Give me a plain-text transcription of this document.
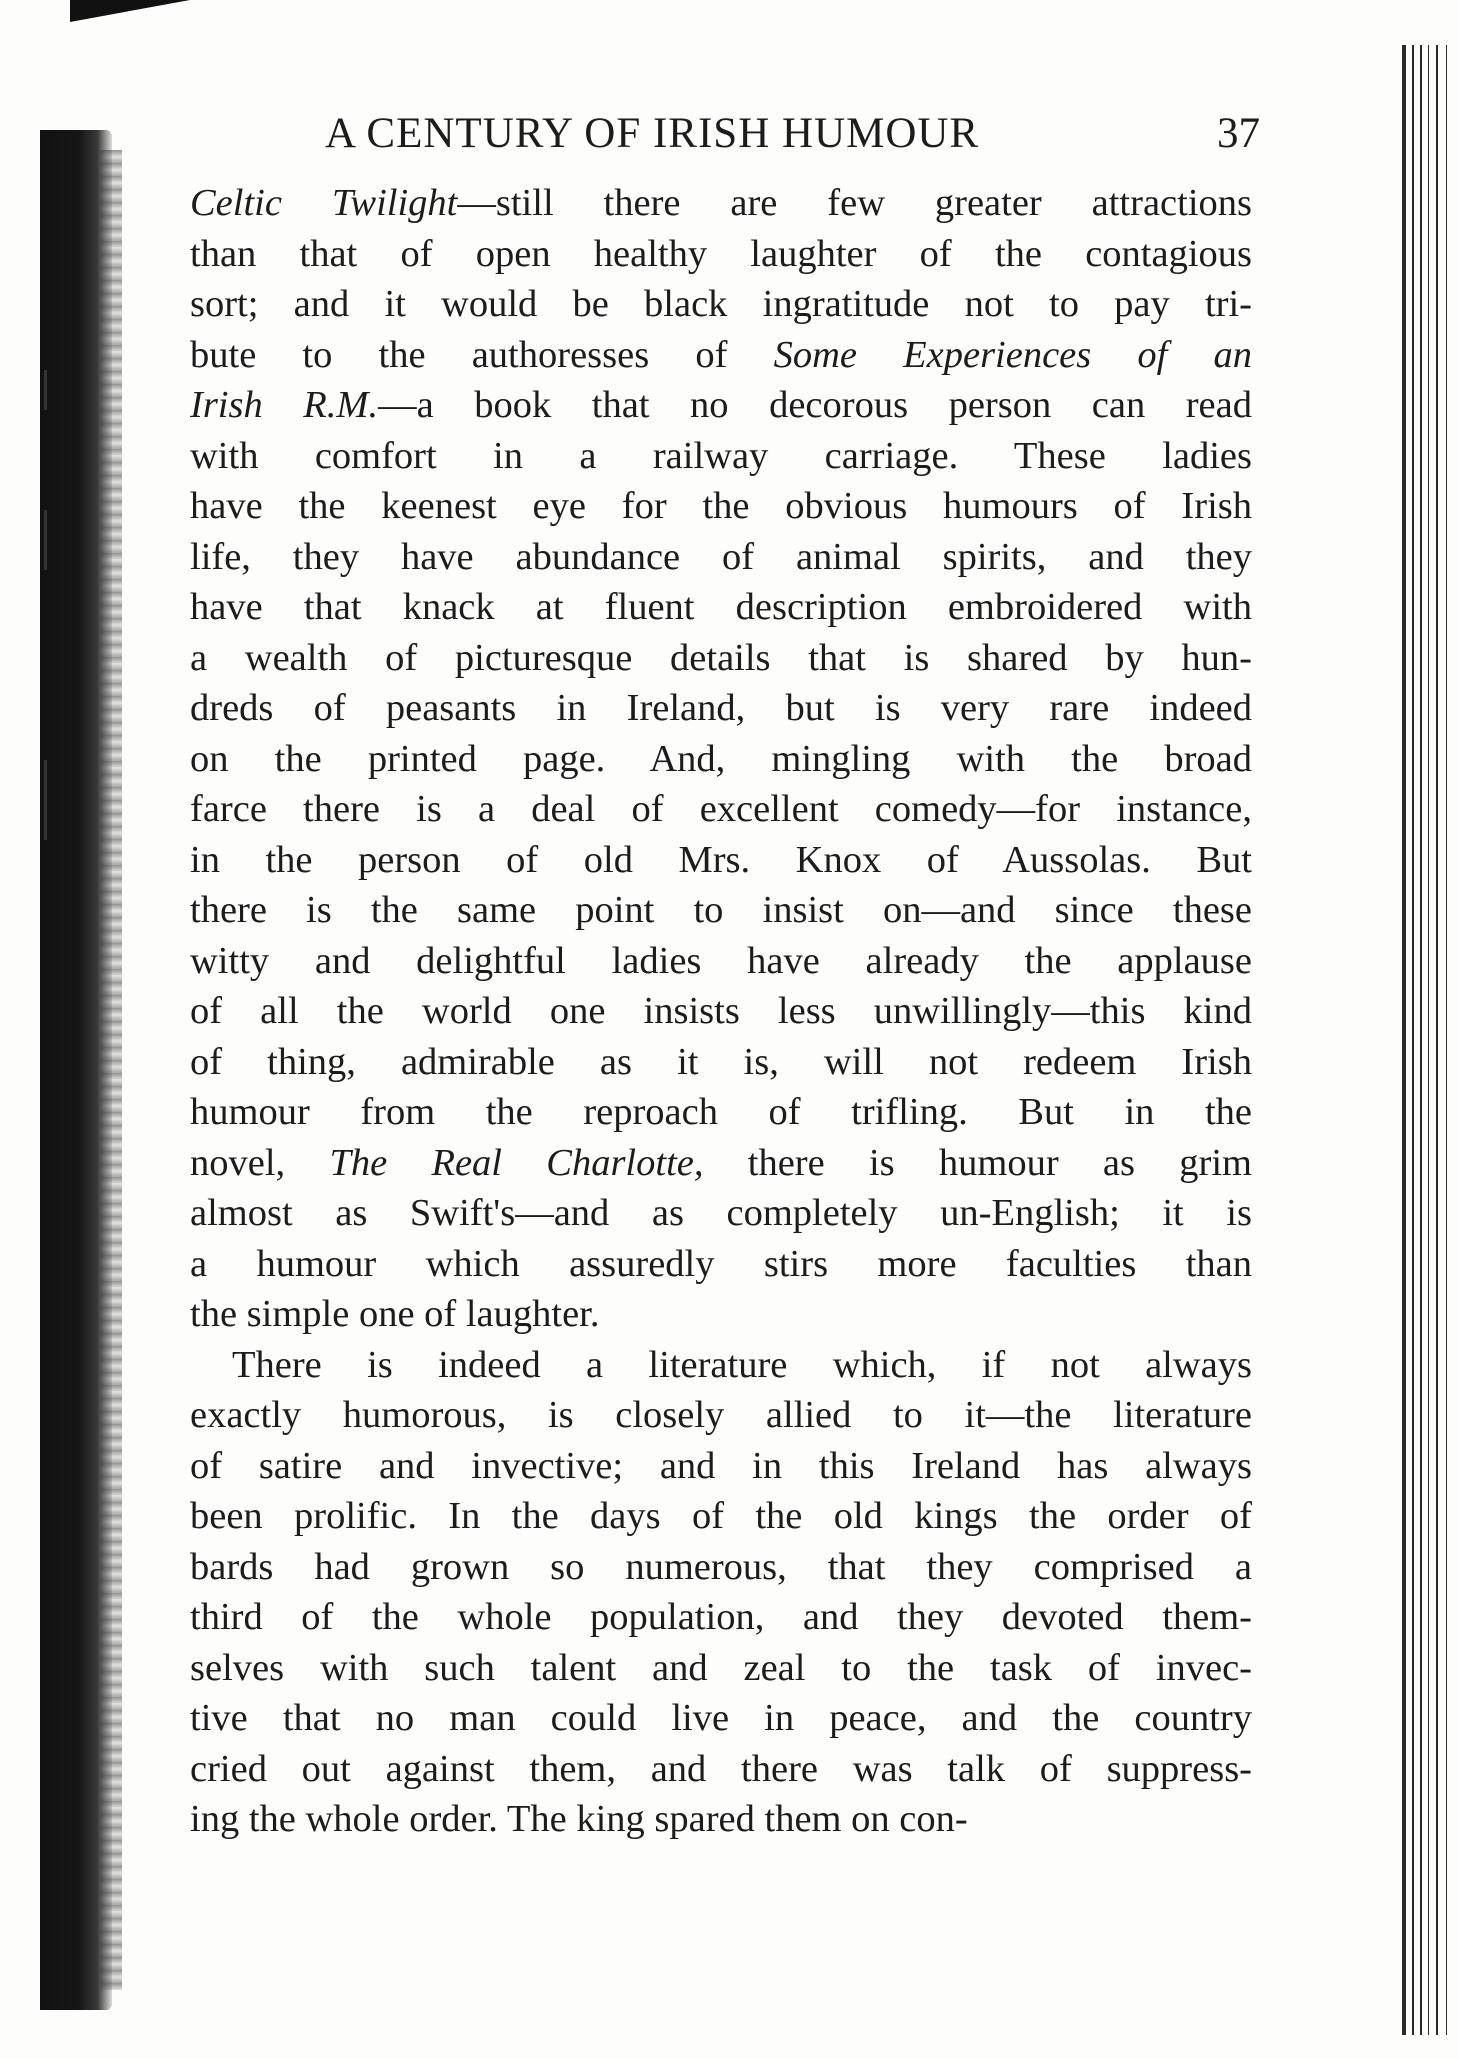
A CENTURY OF IRISH HUMOUR	37
Celtic Twilight—still there are few greater attractions
than that of open healthy laughter of the contagious
sort; and it would be black ingratitude not to pay tri-
bute to the authoresses of Some Experiences of an
Irish R.M.—a book that no decorous person can read
with comfort in a railway carriage. These ladies
have the keenest eye for the obvious humours of Irish
life, they have abundance of animal spirits, and they
have that knack at fluent description embroidered with
a wealth of picturesque details that is shared by hun-
dreds of peasants in Ireland, but is very rare indeed
on the printed page. And, mingling with the broad
farce there is a deal of excellent comedy—for instance,
in the person of old Mrs. Knox of Aussolas. But
there is the same point to insist on—and since these
witty and delightful ladies have already the applause
of all the world one insists less unwillingly—this kind
of thing, admirable as it is, will not redeem Irish
humour from the reproach of trifling. But in the
novel, The Real Charlotte, there is humour as grim
almost as Swift's—and as completely un-English; it is
a humour which assuredly stirs more faculties than
the simple one of laughter.
There is indeed a literature which, if not always
exactly humorous, is closely allied to it—the literature
of satire and invective; and in this Ireland has always
been prolific. In the days of the old kings the order of
bards had grown so numerous, that they comprised a
third of the whole population, and they devoted them-
selves with such talent and zeal to the task of invec-
tive that no man could live in peace, and the country
cried out against them, and there was talk of suppress-
ing the whole order. The king spared them on con-
